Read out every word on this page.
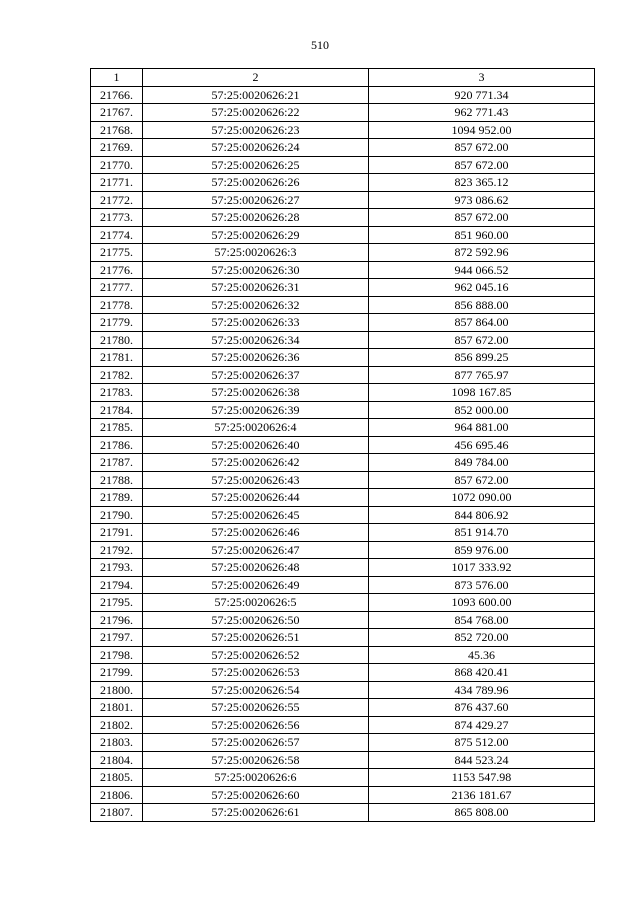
510
1	2	3
21766.	57:25:0020626:21	920 771.34
21767.	57:25:0020626:22	962 771.43
21768.	57:25:0020626:23	1094 952.00
21769.	57:25:0020626:24	857 672.00
21770.	57:25:0020626:25	857 672.00
21771.	57:25:0020626:26	823 365.12
21772.	57:25:0020626:27	973 086.62
21773.	57:25:0020626:28	857 672.00
21774.	57:25:0020626:29	851 960.00
21775.	57:25:0020626:3	872 592.96
21776.	57:25:0020626:30	944 066.52
21777.	57:25:0020626:31	962 045.16
21778.	57:25:0020626:32	856 888.00
21779.	57:25:0020626:33	857 864.00
21780.	57:25:0020626:34	857 672.00
21781.	57:25:0020626:36	856 899.25
21782.	57:25:0020626:37	877 765.97
21783.	57:25:0020626:38	1098 167.85
21784.	57:25:0020626:39	852 000.00
21785.	57:25:0020626:4	964 881.00
21786.	57:25:0020626:40	456 695.46
21787.	57:25:0020626:42	849 784.00
21788.	57:25:0020626:43	857 672.00
21789.	57:25:0020626:44	1072 090.00
21790.	57:25:0020626:45	844 806.92
21791.	57:25:0020626:46	851 914.70
21792.	57:25:0020626:47	859 976.00
21793.	57:25:0020626:48	1017 333.92
21794.	57:25:0020626:49	873 576.00
21795.	57:25:0020626:5	1093 600.00
21796.	57:25:0020626:50	854 768.00
21797.	57:25:0020626:51	852 720.00
21798.	57:25:0020626:52	45.36
21799.	57:25:0020626:53	868 420.41
21800.	57:25:0020626:54	434 789.96
21801.	57:25:0020626:55	876 437.60
21802.	57:25:0020626:56	874 429.27
21803.	57:25:0020626:57	875 512.00
21804.	57:25:0020626:58	844 523.24
21805.	57:25:0020626:6	1153 547.98
21806.	57:25:0020626:60	2136 181.67
21807.	57:25:0020626:61	865 808.00
